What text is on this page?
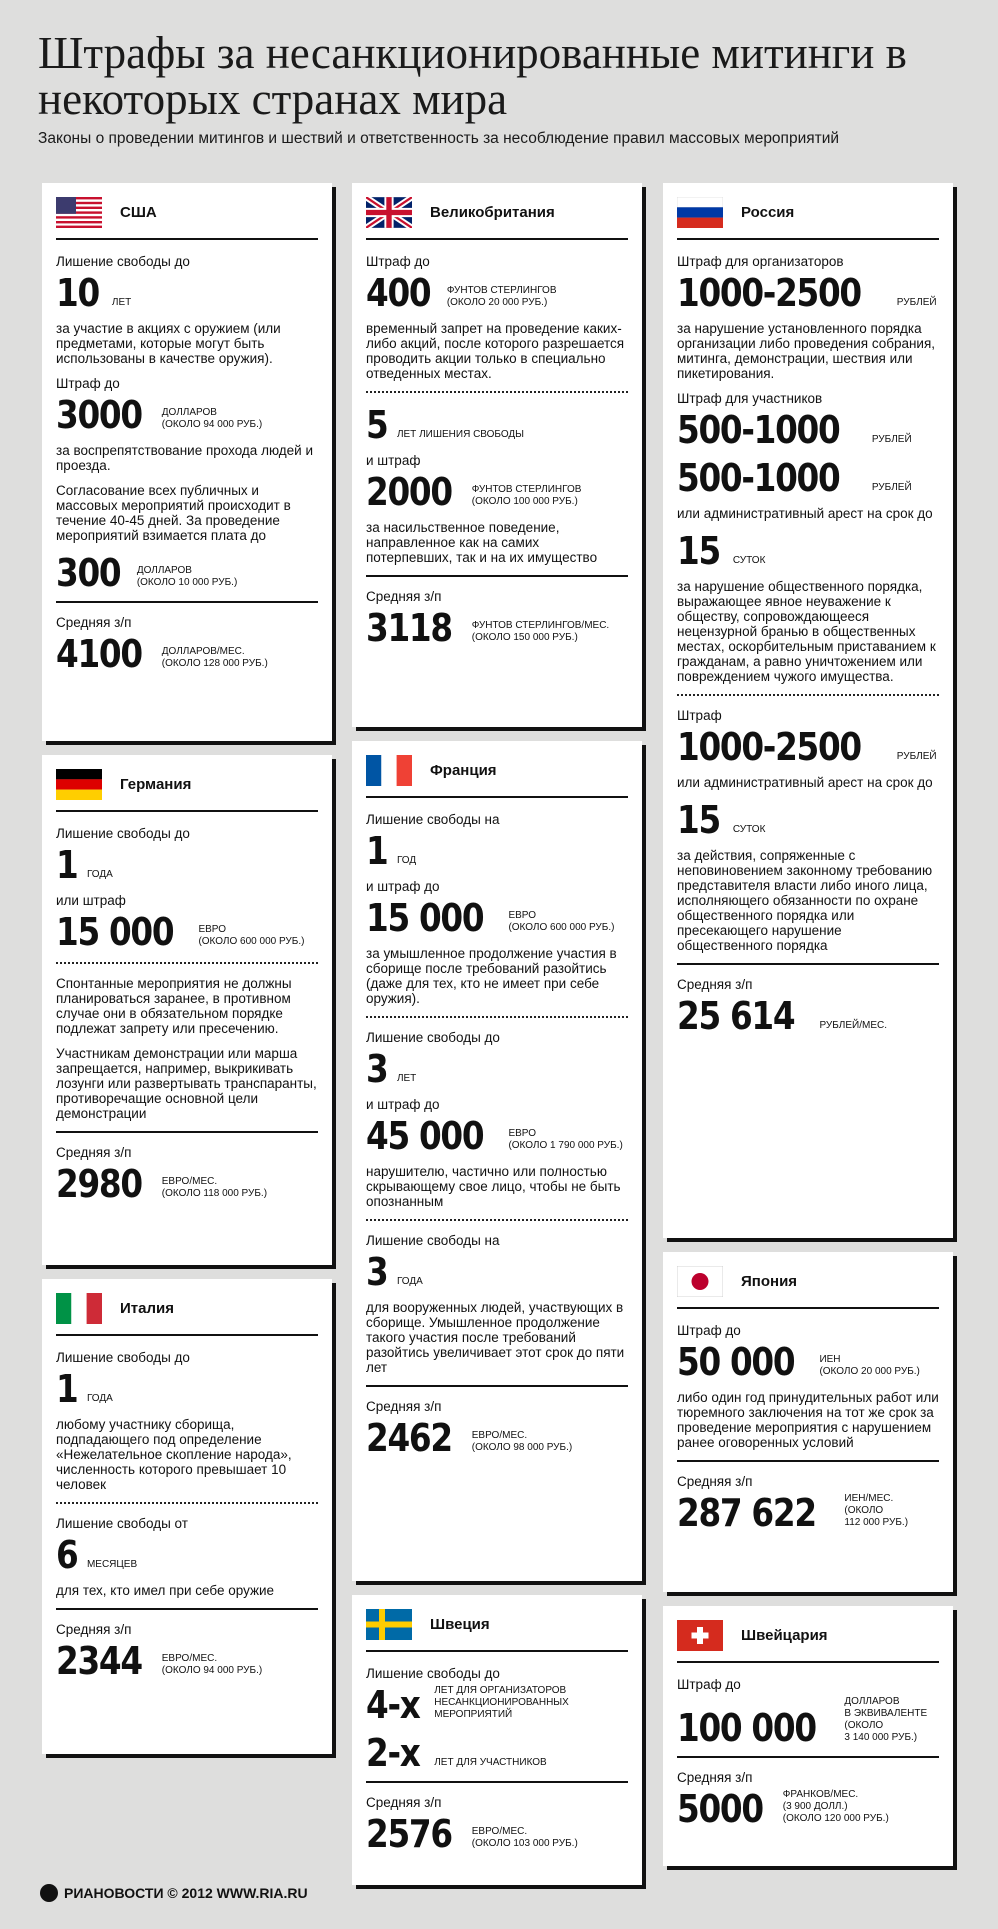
Штрафы за несанкционированные митинги в некоторых странах мира
Законы о проведении митингов и шествий и ответственность за несоблюдение правил массовых мероприятий
США
Лишение свободы до
10 ЛЕТ
за участие в акциях с оружием (или предметами, которые могут быть использованы в качестве оружия).
Штраф до
3000 ДОЛЛАРОВ
(ОКОЛО 94 000 РУБ.)
за воспрепятствование прохода людей и проезда.
Согласование всех публичных и массовых мероприятий происходит в течение 40-45 дней. За проведение мероприятий взимается плата до
300 ДОЛЛАРОВ
(ОКОЛО 10 000 РУБ.)
Средняя з/п
4100 ДОЛЛАРОВ/МЕС.
(ОКОЛО 128 000 РУБ.)
Германия
Лишение свободы до
1 ГОДА
или штраф
15 000	ЕВРО
(ОКОЛО 600 000 РУБ.)
Спонтанные мероприятия не должны планироваться заранее, в противном случае они в обязательном порядке подлежат запрету или пресечению.
Участникам демонстрации или марша запрещается, например, выкрикивать лозунги или развертывать транспаранты, противоречащие основной цели демонстрации
Средняя з/п
2980 ЕВРО/МЕС.
(ОКОЛО 118 000 РУБ.)
Италия
Лишение свободы до
1 ГОДА
любому участнику сборища, подпадающего под определение «Нежелательное скопление народа», численность которого превышает 10 человек
Лишение свободы от
6 МЕСЯЦЕВ
для тех, кто имел при себе оружие
Средняя з/п
2344 ЕВРО/МЕС.
(ОКОЛО 94 000 РУБ.)
Великобритания
Штраф до
400 ФУНТОВ СТЕРЛИНГОВ
(ОКОЛО 20 000 РУБ.)
временный запрет на проведение каких-либо акций, после которого разрешается проводить акции только в специально отведенных местах.
5 ЛЕТ ЛИШЕНИЯ СВОБОДЫ
и штраф
2000 ФУНТОВ СТЕРЛИНГОВ
(ОКОЛО 100 000 РУБ.)
за насильственное поведение, направленное как на самих потерпевших, так и на их имущество
Средняя з/п
3118 ФУНТОВ СТЕРЛИНГОВ/МЕС.
(ОКОЛО 150 000 РУБ.)
Франция
Лишение свободы на
1 ГОД
и штраф до
15 000	ЕВРО
(ОКОЛО 600 000 РУБ.)
за умышленное продолжение участия в сборище после требований разойтись (даже для тех, кто не имеет при себе оружия).
Лишение свободы до
3 ЛЕТ
и штраф до
45 000	ЕВРО
(ОКОЛО 1 790 000 РУБ.)
нарушителю, частично или полностью скрывающему свое лицо, чтобы не быть опознанным
Лишение свободы на
3 ГОДА
для вооруженных людей, участвующих в сборище. Умышленное продолжение такого участия после требований разойтись увеличивает этот срок до пяти лет
Средняя з/п
2462 ЕВРО/МЕС.
(ОКОЛО 98 000 РУБ.)
Швеция
Лишение свободы до
4-х ЛЕТ ДЛЯ ОРГАНИЗАТОРОВ
НЕСАНКЦИОНИРОВАННЫХ
МЕРОПРИЯТИЙ
2-х ЛЕТ ДЛЯ УЧАСТНИКОВ
Средняя з/п
2576 ЕВРО/МЕС.
(ОКОЛО 103 000 РУБ.)
Россия
Штраф для организаторов
1000-2500	РУБЛЕЙ
за нарушение установленного порядка организации либо проведения собрания, митинга, демонстрации, шествия или пикетирования.
Штраф для участников
500-1000	РУБЛЕЙ
500-1000	РУБЛЕЙ
или административный арест на срок до
15 СУТОК
за нарушение общественного порядка, выражающее явное неуважение к обществу, сопровождающееся нецензурной бранью в общественных местах, оскорбительным приставанием к гражданам, а равно уничтожением или повреждением чужого имущества.
Штраф
1000-2500	РУБЛЕЙ
или административный арест на срок до
15 СУТОК
за действия, сопряженные с неповиновением законному требованию представителя власти либо иного лица, исполняющего обязанности по охране общественного порядка или пресекающего нарушение общественного порядка
Средняя з/п
25 614	РУБЛЕЙ/МЕС.
Япония
Штраф до
50 000	ИЕН
(ОКОЛО 20 000 РУБ.)
либо один год принудительных работ или тюремного заключения на тот же срок за проведение мероприятия с нарушением ранее оговоренных условий
Средняя з/п
287 622	ИЕН/МЕС.
(ОКОЛО
112 000 РУБ.)
Швейцария
Штраф до
100 000
ДОЛЛАРОВ
В ЭКВИВАЛЕНТЕ
(ОКОЛО
3 140 000 РУБ.)
Средняя з/п
5000 ФРАНКОВ/МЕС.
(3 900 ДОЛЛ.)
(ОКОЛО 120 000 РУБ.)
РИАНОВОСТИ © 2012 WWW.RIA.RU
